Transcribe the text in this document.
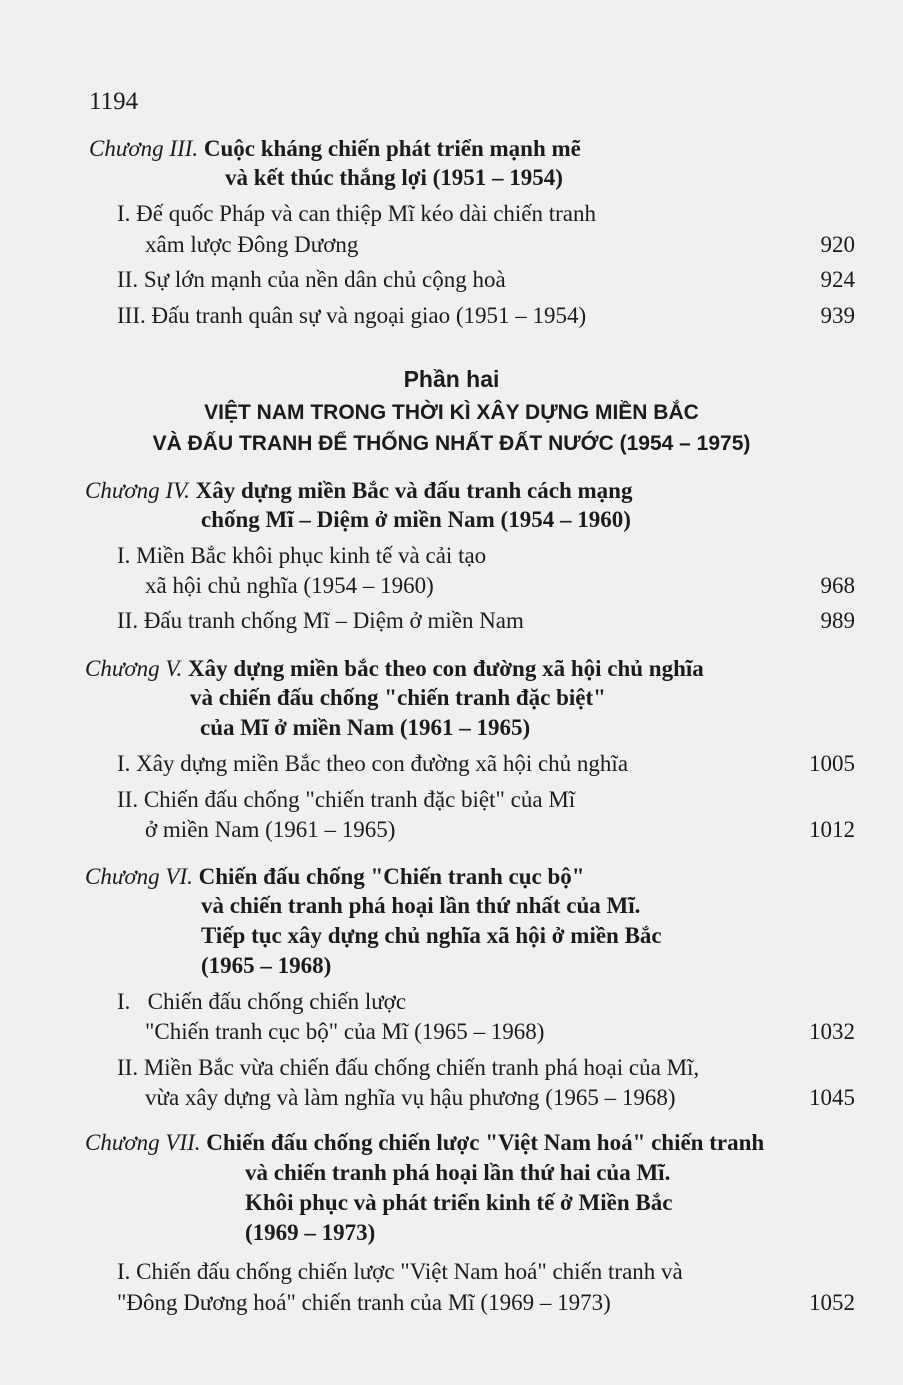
1194
Chương III. Cuộc kháng chiến phát triển mạnh mẽ
và kết thúc thắng lợi (1951 – 1954)
I. Đế quốc Pháp và can thiệp Mĩ kéo dài chiến tranh
xâm lược Đông Dương	920
II. Sự lớn mạnh của nền dân chủ cộng hoà	924
III. Đấu tranh quân sự và ngoại giao (1951 – 1954)	939
Phần hai
VIỆT NAM TRONG THỜI KÌ XÂY DỰNG MIỀN BẮC
VÀ ĐẤU TRANH ĐỂ THỐNG NHẤT ĐẤT NƯỚC (1954 – 1975)
Chương IV. Xây dựng miền Bắc và đấu tranh cách mạng
chống Mĩ – Diệm ở miền Nam (1954 – 1960)
I. Miền Bắc khôi phục kinh tế và cải tạo
xã hội chủ nghĩa (1954 – 1960)	968
II. Đấu tranh chống Mĩ – Diệm ở miền Nam	989
Chương V. Xây dựng miền bắc theo con đường xã hội chủ nghĩa
và chiến đấu chống "chiến tranh đặc biệt"
của Mĩ ở miền Nam (1961 – 1965)
I. Xây dựng miền Bắc theo con đường xã hội chủ nghĩa	1005
II. Chiến đấu chống "chiến tranh đặc biệt" của Mĩ
ở miền Nam (1961 – 1965)	1012
Chương VI. Chiến đấu chống "Chiến tranh cục bộ"
và chiến tranh phá hoại lần thứ nhất của Mĩ.
Tiếp tục xây dựng chủ nghĩa xã hội ở miền Bắc
(1965 – 1968)
I.   Chiến đấu chống chiến lược
"Chiến tranh cục bộ" của Mĩ (1965 – 1968)	1032
II. Miền Bắc vừa chiến đấu chống chiến tranh phá hoại của Mĩ,
vừa xây dựng và làm nghĩa vụ hậu phương (1965 – 1968)	1045
Chương VII. Chiến đấu chống chiến lược "Việt Nam hoá" chiến tranh
và chiến tranh phá hoại lần thứ hai của Mĩ.
Khôi phục và phát triển kinh tế ở Miền Bắc
(1969 – 1973)
I. Chiến đấu chống chiến lược "Việt Nam hoá" chiến tranh và
"Đông Dương hoá" chiến tranh của Mĩ (1969 – 1973)	1052
